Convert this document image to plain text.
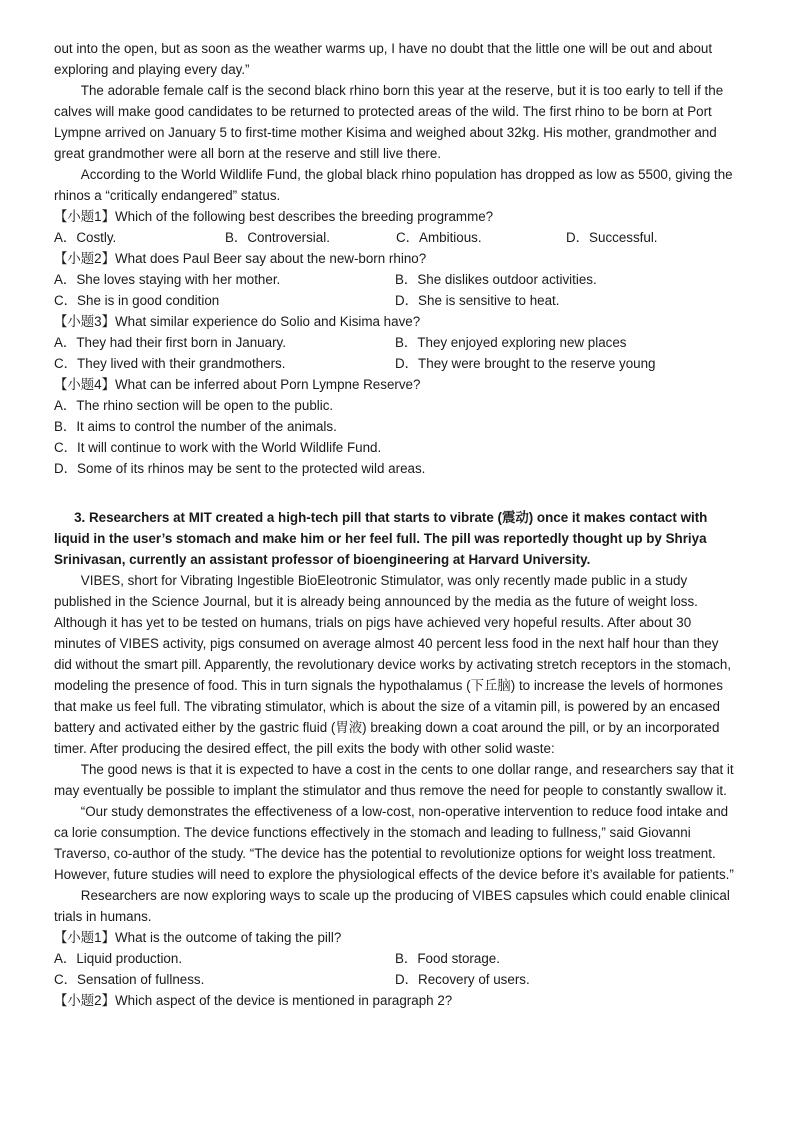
out into the open, but as soon as the weather warms up, I have no doubt that the little one will be out and about exploring and playing every day.”

The adorable female calf is the second black rhino born this year at the reserve, but it is too early to tell if the calves will make good candidates to be returned to protected areas of the wild. The first rhino to be born at Port Lympne arrived on January 5 to first-time mother Kisima and weighed about 32kg. His mother, grandmother and great grandmother were all born at the reserve and still live there.

According to the World Wildlife Fund, the global black rhino population has dropped as low as 5500, giving the rhinos a “critically endangered” status.

【小题1】Which of the following best describes the breeding programme?

A．Costly.	B．Controversial.	C．Ambitious.	D．Successful.

【小题2】What does Paul Beer say about the new-born rhino?

A．She loves staying with her mother.	B．She dislikes outdoor activities.
C．She is in good condition	D．She is sensitive to heat.

【小题3】What similar experience do Solio and Kisima have?

A．They had their first born in January.	B．They enjoyed exploring new places
C．They lived with their grandmothers.	D．They were brought to the reserve young

【小题4】What can be inferred about Porn Lympne Reserve?

A．The rhino section will be open to the public.

B．It aims to control the number of the animals.

C．It will continue to work with the World Wildlife Fund.

D．Some of its rhinos may be sent to the protected wild areas.

3. Researchers at MIT created a high-tech pill that starts to vibrate (震动) once it makes contact with liquid in the user’s stomach and make him or her feel full. The pill was reportedly thought up by Shriya Srinivasan, currently an assistant professor of bioengineering at Harvard University.

VIBES, short for Vibrating Ingestible BioEleotronic Stimulator, was only recently made public in a study published in the Science Journal, but it is already being announced by the media as the future of weight loss. Although it has yet to be tested on humans, trials on pigs have achieved very hopeful results. After about 30 minutes of VIBES activity, pigs consumed on average almost 40 percent less food in the next half hour than they did without the smart pill. Apparently, the revolutionary device works by activating stretch receptors in the stomach, modeling the presence of food. This in turn signals the hypothalamus (下丘脑) to increase the levels of hormones that make us feel full. The vibrating stimulator, which is about the size of a vitamin pill, is powered by an encased battery and activated either by the gastric fluid (胃液) breaking down a coat around the pill, or by an incorporated timer. After producing the desired effect, the pill exits the body with other solid waste:

The good news is that it is expected to have a cost in the cents to one dollar range, and researchers say that it may eventually be possible to implant the stimulator and thus remove the need for people to constantly swallow it.

“Our study demonstrates the effectiveness of a low-cost, non-operative intervention to reduce food intake and ca lorie consumption. The device functions effectively in the stomach and leading to fullness,” said Giovanni Traverso, co-author of the study. “The device has the potential to revolutionize options for weight loss treatment. However, future studies will need to explore the physiological effects of the device before it’s available for patients.”

Researchers are now exploring ways to scale up the producing of VIBES capsules which could enable clinical trials in humans.

【小题1】What is the outcome of taking the pill?

A．Liquid production.	B．Food storage.
C．Sensation of fullness.	D．Recovery of users.

【小题2】Which aspect of the device is mentioned in paragraph 2?
